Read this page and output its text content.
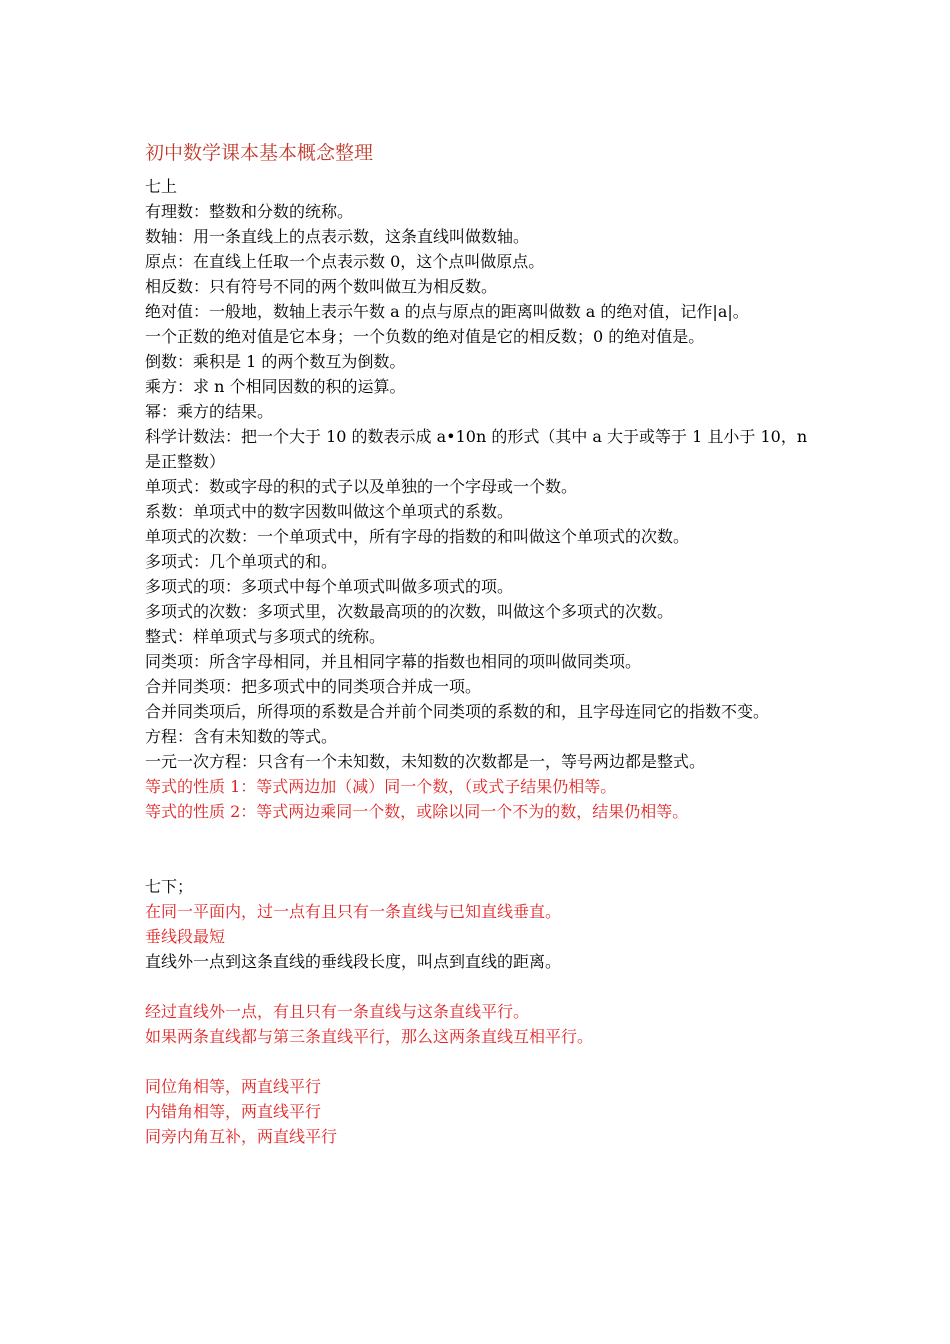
初中数学课本基本概念整理

七上

有理数：整数和分数的统称。

数轴：用一条直线上的点表示数，这条直线叫做数轴。

原点：在直线上任取一个点表示数 0，这个点叫做原点。

相反数：只有符号不同的两个数叫做互为相反数。

绝对值：一般地，数轴上表示午数 a 的点与原点的距离叫做数 a 的绝对值，记作|a|。

一个正数的绝对值是它本身；一个负数的绝对值是它的相反数；0 的绝对值是。

倒数：乘积是 1 的两个数互为倒数。

乘方：求 n 个相同因数的积的运算。

幂：乘方的结果。

科学计数法：把一个大于 10 的数表示成 a•10n 的形式（其中 a 大于或等于 1 且小于 10，n 是正整数）

单项式：数或字母的积的式子以及单独的一个字母或一个数。

系数：单项式中的数字因数叫做这个单项式的系数。

单项式的次数：一个单项式中，所有字母的指数的和叫做这个单项式的次数。

多项式：几个单项式的和。

多项式的项：多项式中每个单项式叫做多项式的项。

多项式的次数：多项式里，次数最高项的的次数，叫做这个多项式的次数。

整式：样单项式与多项式的统称。

同类项：所含字母相同，并且相同字幕的指数也相同的项叫做同类项。

合并同类项：把多项式中的同类项合并成一项。

合并同类项后，所得项的系数是合并前个同类项的系数的和，且字母连同它的指数不变。

方程：含有未知数的等式。

一元一次方程：只含有一个未知数，未知数的次数都是一，等号两边都是整式。

等式的性质 1：等式两边加（减）同一个数，（或式子结果仍相等。

等式的性质 2：等式两边乘同一个数，或除以同一个不为的数，结果仍相等。

七下；

在同一平面内，过一点有且只有一条直线与已知直线垂直。

垂线段最短

直线外一点到这条直线的垂线段长度，叫点到直线的距离。

经过直线外一点，有且只有一条直线与这条直线平行。

如果两条直线都与第三条直线平行，那么这两条直线互相平行。

同位角相等，两直线平行

内错角相等，两直线平行

同旁内角互补，两直线平行
